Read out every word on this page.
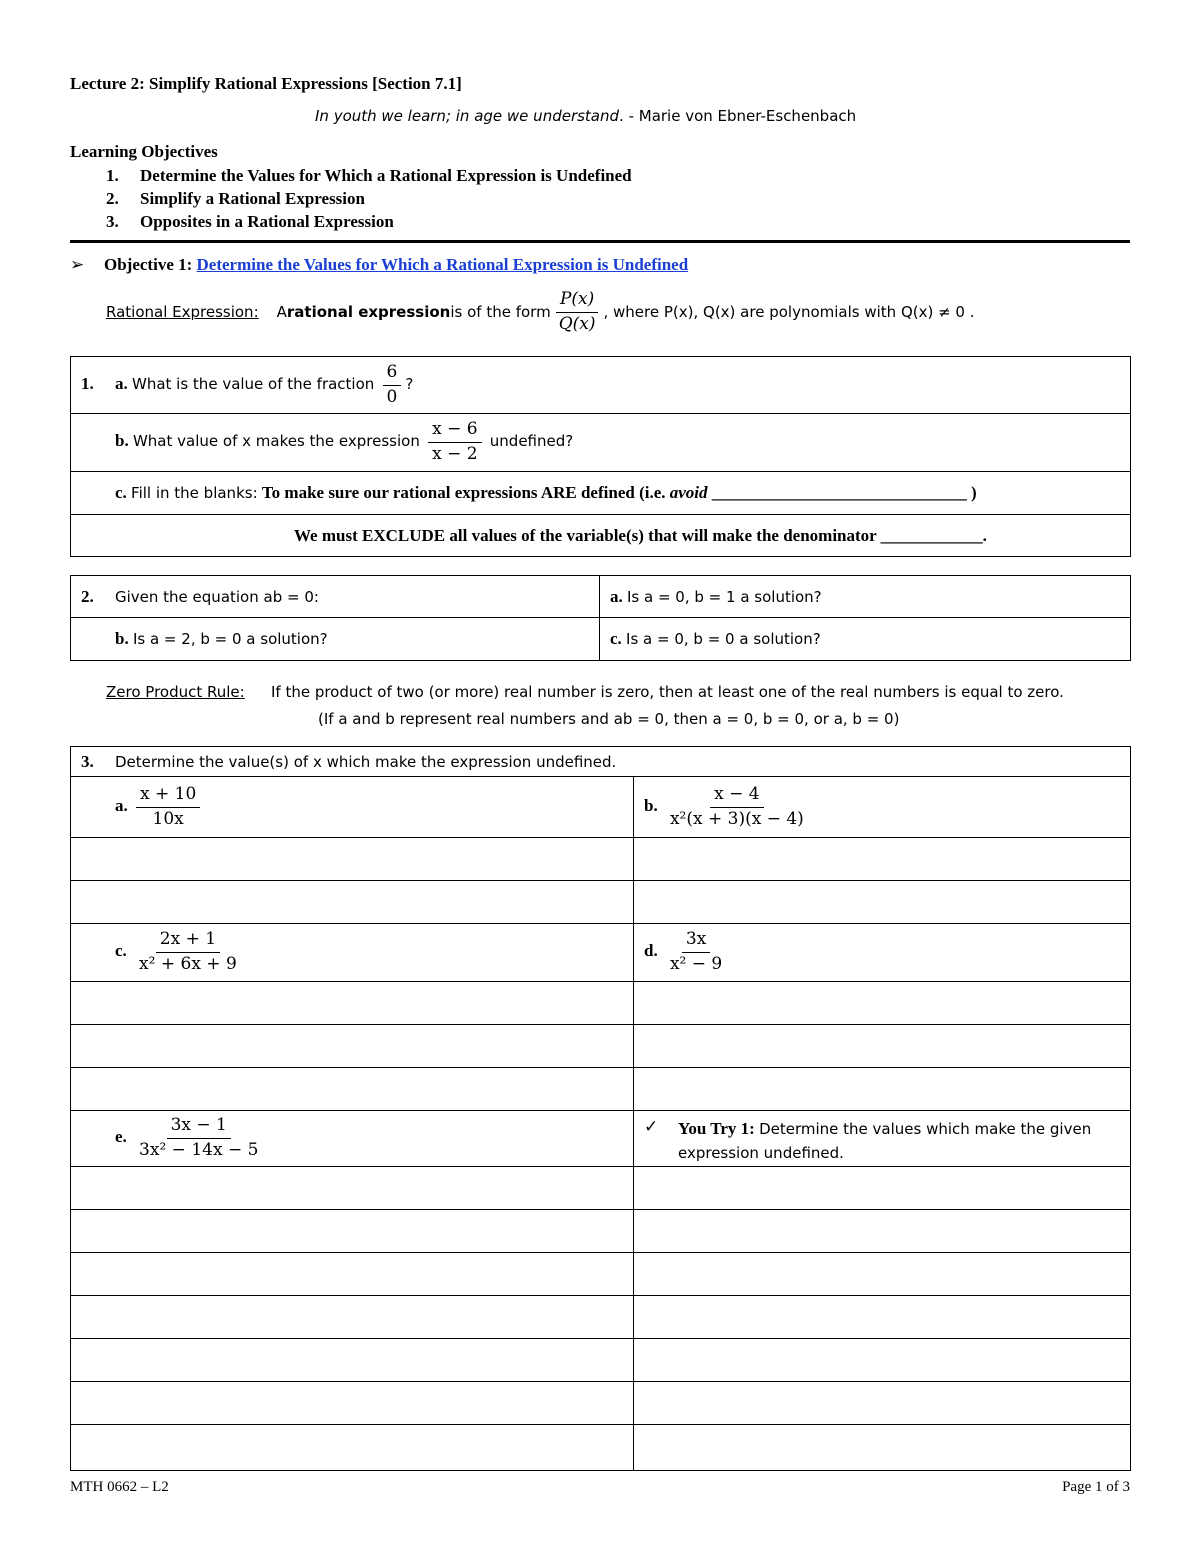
Lecture 2: Simplify Rational Expressions [Section 7.1]
In youth we learn; in age we understand. - Marie von Ebner-Eschenbach
Learning Objectives
1. Determine the Values for Which a Rational Expression is Undefined
2. Simplify a Rational Expression
3. Opposites in a Rational Expression
➢ Objective 1: Determine the Values for Which a Rational Expression is Undefined
Rational Expression: A rational expression is of the form $\frac{P(x)}{Q(x)}$ , where P(x), Q(x) are polynomials with Q(x) ≠ 0 .
1. a. What is the value of the fraction $\frac{6}{0}$ ?
b. What value of x makes the expression $\frac{x - 6}{x - 2}$ undefined?
c. Fill in the blanks: To make sure our rational expressions ARE defined (i.e. avoid ______________________________ )
We must EXCLUDE all values of the variable(s) that will make the denominator ____________.
2. Given the equation ab = 0:	a. Is a = 0, b = 1 a solution?
b. Is a = 2, b = 0 a solution?	c. Is a = 0, b = 0 a solution?
Zero Product Rule: If the product of two (or more) real number is zero, then at least one of the real numbers is equal to zero.
(If a and b represent real numbers and ab = 0, then a = 0, b = 0, or a, b = 0)
3. Determine the value(s) of x which make the expression undefined.	
a. $\frac{x + 10}{10x}$	b. $\frac{x - 4}{\text{x²(x + 3)(x − 4)}}$

c. $\frac{2x + 1}{\text{x² + 6x + 9}}$	d. $\frac{3x}{\text{x² − 9}}$

e. $\frac{3x - 1}{\text{3x² − 14x − 5}}$	✓ You Try 1: Determine the values which make the given
expression undefined.

MTH 0662 – L2	Page 1 of 3
